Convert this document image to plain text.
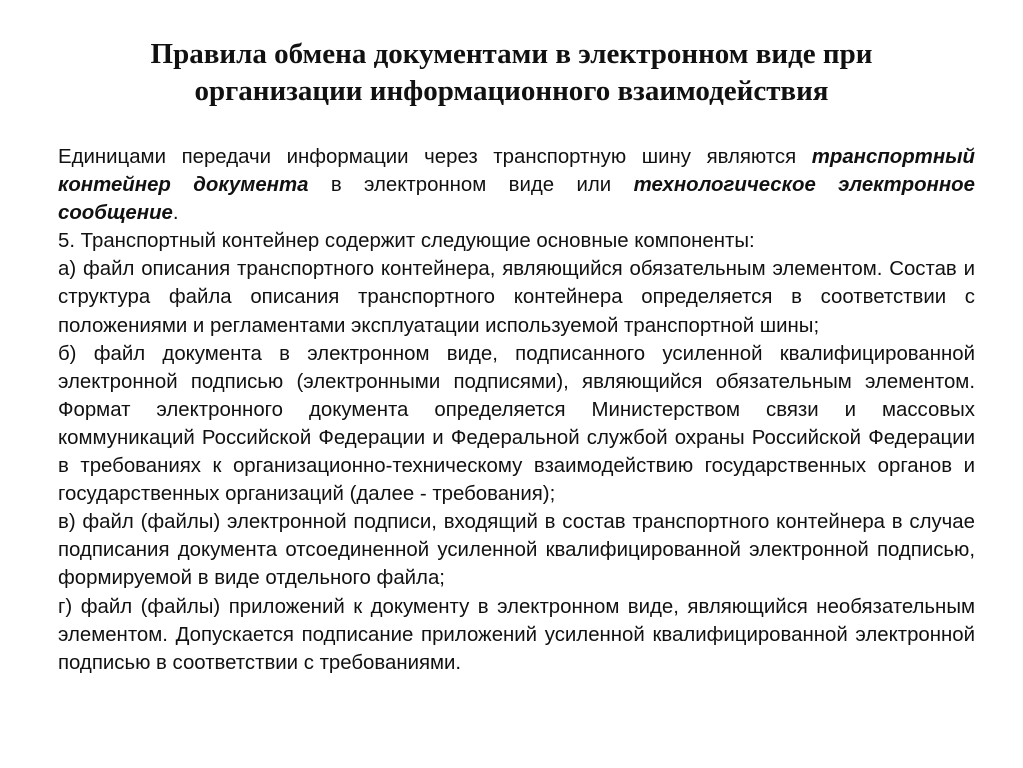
Правила обмена документами в электронном виде при
организации информационного взаимодействия

Единицами передачи информации через транспортную шину являются транспортный контейнер документа в электронном виде или технологическое электронное сообщение.

5. Транспортный контейнер содержит следующие основные компоненты:

а) файл описания транспортного контейнера, являющийся обязательным элементом. Состав и структура файла описания транспортного контейнера определяется в соответствии с положениями и регламентами эксплуатации используемой транспортной шины;

б) файл документа в электронном виде, подписанного усиленной квалифицированной электронной подписью (электронными подписями), являющийся обязательным элементом. Формат электронного документа определяется Министерством связи и массовых коммуникаций Российской Федерации и Федеральной службой охраны Российской Федерации в требованиях к организационно-техническому взаимодействию государственных органов и государственных организаций (далее - требования);

в) файл (файлы) электронной подписи, входящий в состав транспортного контейнера в случае подписания документа отсоединенной усиленной квалифицированной электронной подписью, формируемой в виде отдельного файла;

г) файл (файлы) приложений к документу в электронном виде, являющийся необязательным элементом. Допускается подписание приложений усиленной квалифицированной электронной подписью в соответствии с требованиями.
